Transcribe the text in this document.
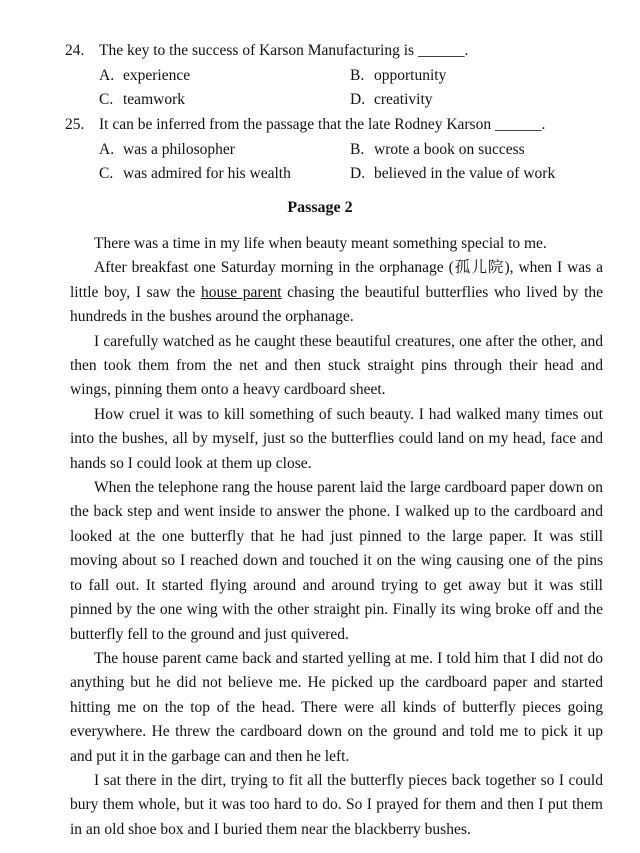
24. The key to the success of Karson Manufacturing is ______.
A. experience	B. opportunity
C. teamwork	D. creativity
25. It can be inferred from the passage that the late Rodney Karson ______.
A. was a philosopher	B. wrote a book on success
C. was admired for his wealth	D. believed in the value of work
Passage 2

There was a time in my life when beauty meant something special to me.

After breakfast one Saturday morning in the orphanage (孤儿院), when I was a little boy, I saw the house parent chasing the beautiful butterflies who lived by the hundreds in the bushes around the orphanage.

I carefully watched as he caught these beautiful creatures, one after the other, and then took them from the net and then stuck straight pins through their head and wings, pinning them onto a heavy cardboard sheet.

How cruel it was to kill something of such beauty. I had walked many times out into the bushes, all by myself, just so the butterflies could land on my head, face and hands so I could look at them up close.

When the telephone rang the house parent laid the large cardboard paper down on the back step and went inside to answer the phone. I walked up to the cardboard and looked at the one butterfly that he had just pinned to the large paper. It was still moving about so I reached down and touched it on the wing causing one of the pins to fall out. It started flying around and around trying to get away but it was still pinned by the one wing with the other straight pin. Finally its wing broke off and the butterfly fell to the ground and just quivered.

The house parent came back and started yelling at me. I told him that I did not do anything but he did not believe me. He picked up the cardboard paper and started hitting me on the top of the head. There were all kinds of butterfly pieces going everywhere. He threw the cardboard down on the ground and told me to pick it up and put it in the garbage can and then he left.

I sat there in the dirt, trying to fit all the butterfly pieces back together so I could bury them whole, but it was too hard to do. So I prayed for them and then I put them in an old shoe box and I buried them near the blackberry bushes.
